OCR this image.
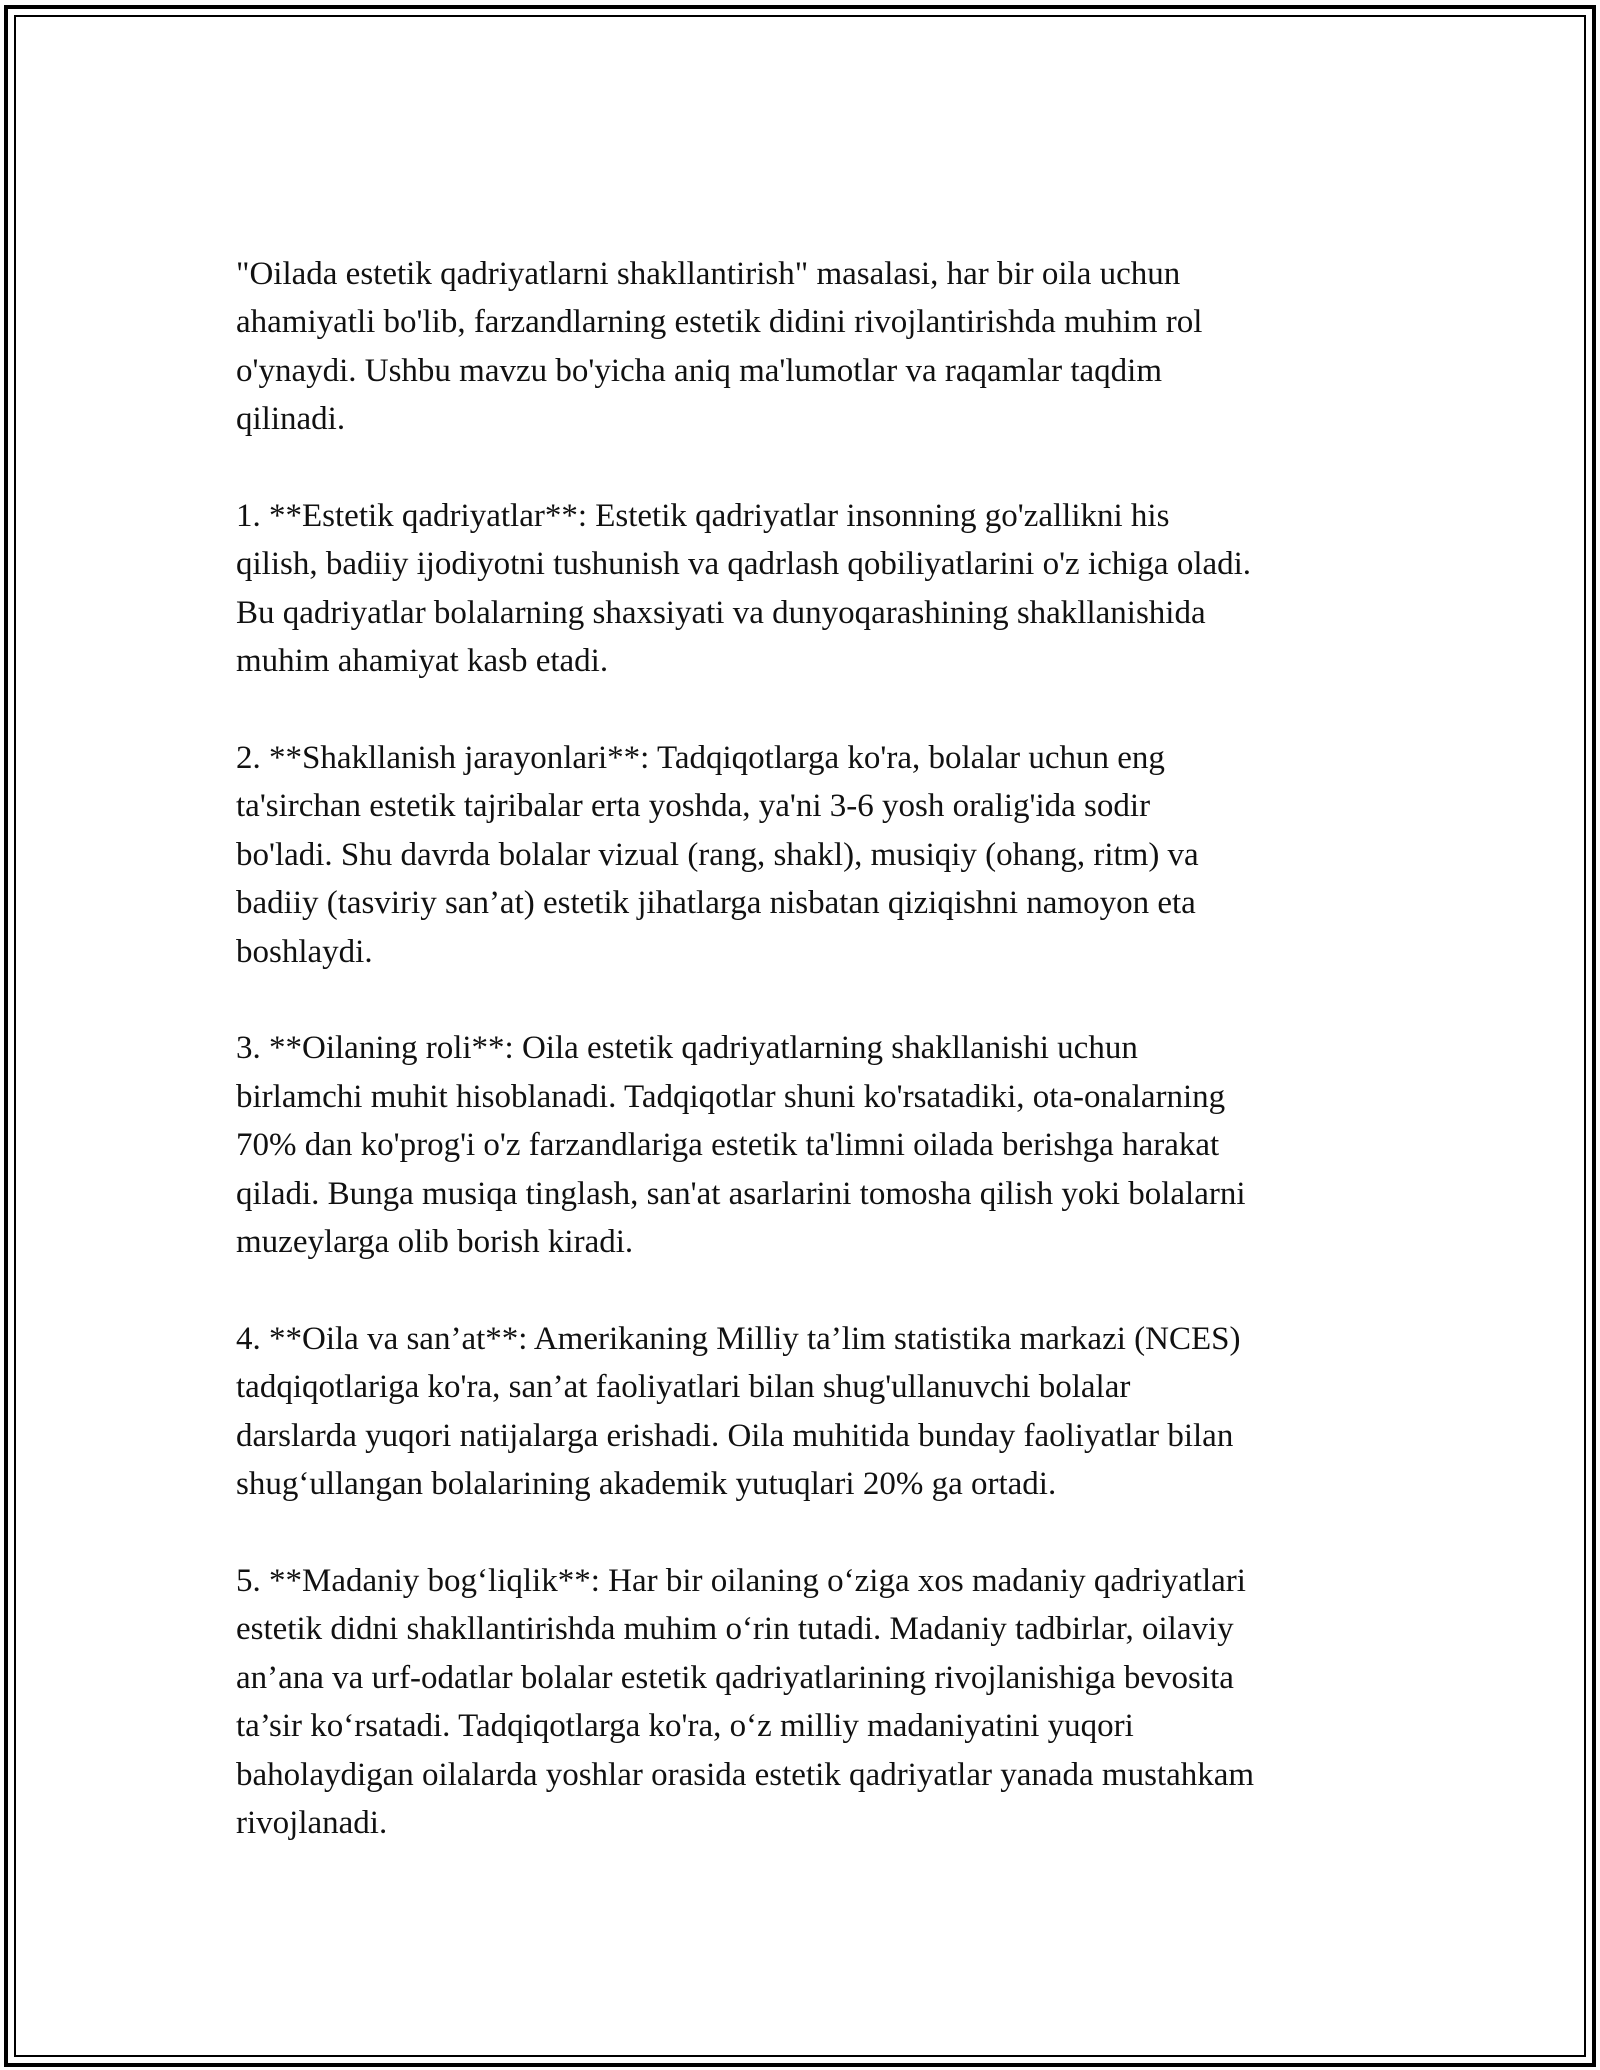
"Oilada estetik qadriyatlarni shakllantirish" masalasi, har bir oila uchun
ahamiyatli bo'lib, farzandlarning estetik didini rivojlantirishda muhim rol
o'ynaydi. Ushbu mavzu bo'yicha aniq ma'lumotlar va raqamlar taqdim
qilinadi.

1. **Estetik qadriyatlar**: Estetik qadriyatlar insonning go'zallikni his
qilish, badiiy ijodiyotni tushunish va qadrlash qobiliyatlarini o'z ichiga oladi.
Bu qadriyatlar bolalarning shaxsiyati va dunyoqarashining shakllanishida
muhim ahamiyat kasb etadi.

2. **Shakllanish jarayonlari**: Tadqiqotlarga ko'ra, bolalar uchun eng
ta'sirchan estetik tajribalar erta yoshda, ya'ni 3-6 yosh oralig'ida sodir
bo'ladi. Shu davrda bolalar vizual (rang, shakl), musiqiy (ohang, ritm) va
badiiy (tasviriy san’at) estetik jihatlarga nisbatan qiziqishni namoyon eta
boshlaydi.

3. **Oilaning roli**: Oila estetik qadriyatlarning shakllanishi uchun
birlamchi muhit hisoblanadi. Tadqiqotlar shuni ko'rsatadiki, ota-onalarning
70% dan ko'prog'i o'z farzandlariga estetik ta'limni oilada berishga harakat
qiladi. Bunga musiqa tinglash, san'at asarlarini tomosha qilish yoki bolalarni
muzeylarga olib borish kiradi.

4. **Oila va san’at**: Amerikaning Milliy ta’lim statistika markazi (NCES)
tadqiqotlariga ko'ra, san’at faoliyatlari bilan shug'ullanuvchi bolalar
darslarda yuqori natijalarga erishadi. Oila muhitida bunday faoliyatlar bilan
shug‘ullangan bolalarining akademik yutuqlari 20% ga ortadi.

5. **Madaniy bog‘liqlik**: Har bir oilaning o‘ziga xos madaniy qadriyatlari
estetik didni shakllantirishda muhim o‘rin tutadi. Madaniy tadbirlar, oilaviy
an’ana va urf-odatlar bolalar estetik qadriyatlarining rivojlanishiga bevosita
ta’sir ko‘rsatadi. Tadqiqotlarga ko'ra, o‘z milliy madaniyatini yuqori
baholaydigan oilalarda yoshlar orasida estetik qadriyatlar yanada mustahkam
rivojlanadi.
